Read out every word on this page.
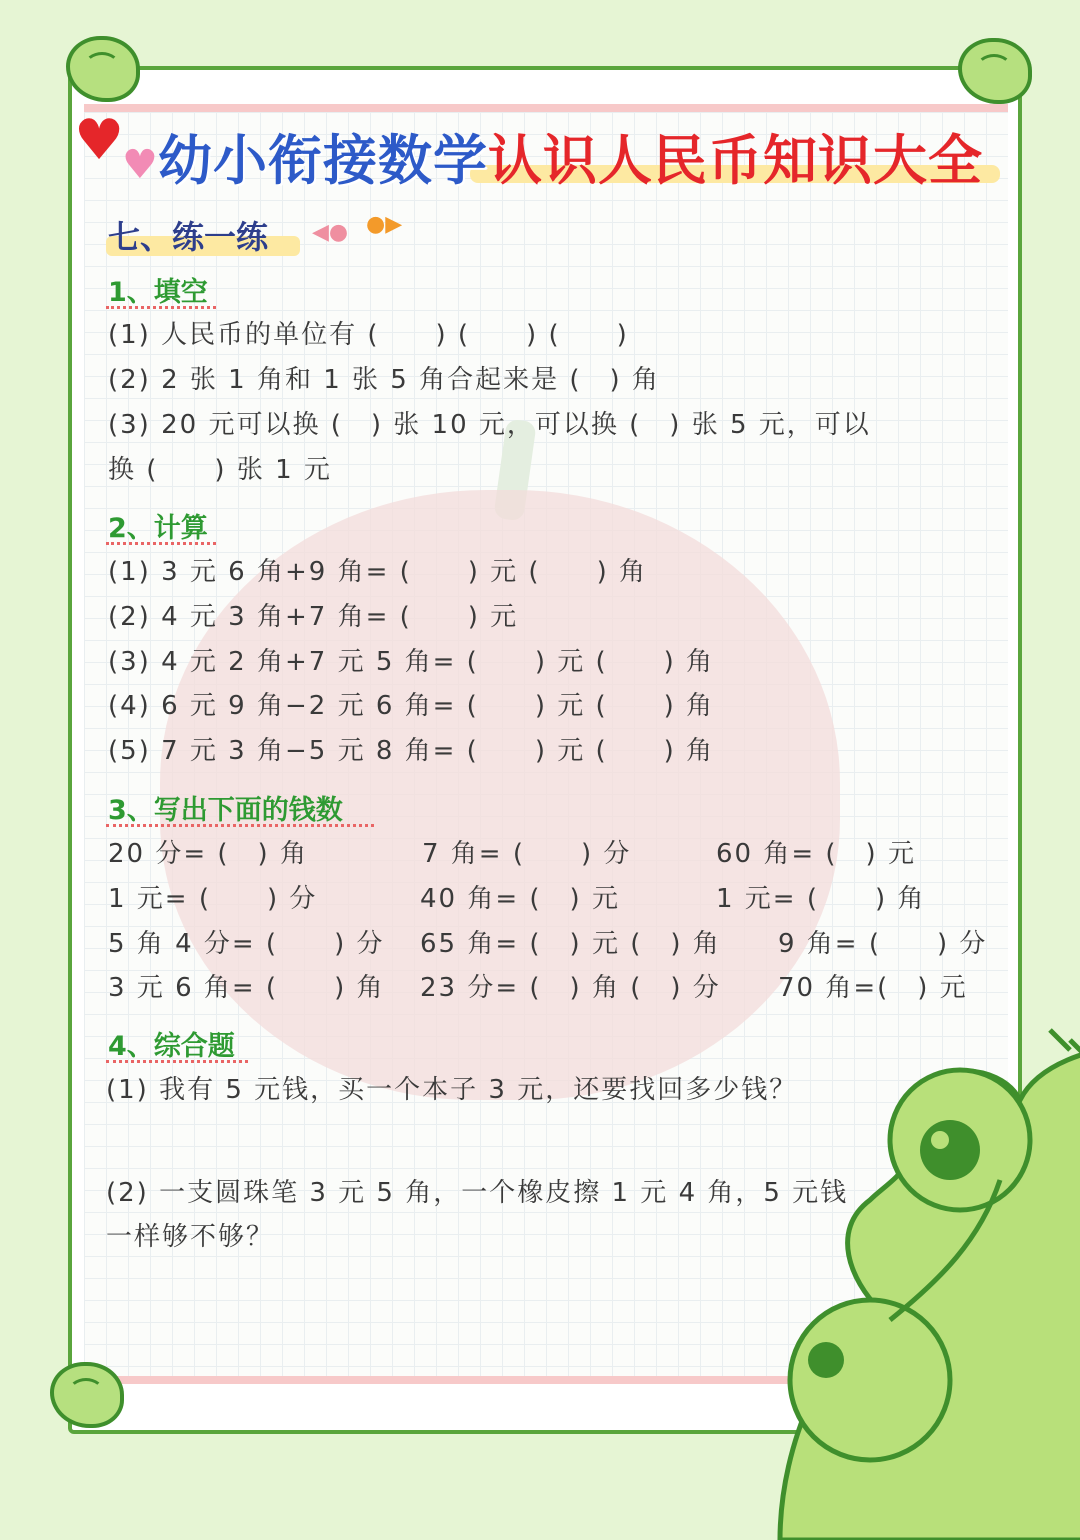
♥
♥ 幼小衔接数学认识人民币知识大全
七、练一练 ◀● ●▶
1、填空
(1) 人民币的单位有 (　　) (　　) (　　)
(2) 2 张 1 角和 1 张 5 角合起来是 (　) 角
(3) 20 元可以换 (　) 张 10 元，可以换 (　) 张 5 元，可以
换 (　　) 张 1 元
2、计算
(1) 3 元 6 角+9 角= (　　) 元 (　　) 角
(2) 4 元 3 角+7 角= (　　) 元
(3) 4 元 2 角+7 元 5 角= (　　) 元 (　　) 角
(4) 6 元 9 角−2 元 6 角= (　　) 元 (　　) 角
(5) 7 元 3 角−5 元 8 角= (　　) 元 (　　) 角
3、写出下面的钱数
20 分= (　) 角	7 角= (　　) 分	60 角= (　) 元
1 元= (　　) 分	40 角= (　) 元	1 元= (　　) 角
5 角 4 分= (　　) 分 65 角= (　) 元 (　) 角 9 角= (　　) 分
3 元 6 角= (　　) 角 23 分= (　) 角 (　) 分 70 角=(　) 元
4、综合题
(1) 我有 5 元钱，买一个本子 3 元，还要找回多少钱？
(2) 一支圆珠笔 3 元 5 角，一个橡皮擦 1 元 4 角，5 元钱
一样够不够？
